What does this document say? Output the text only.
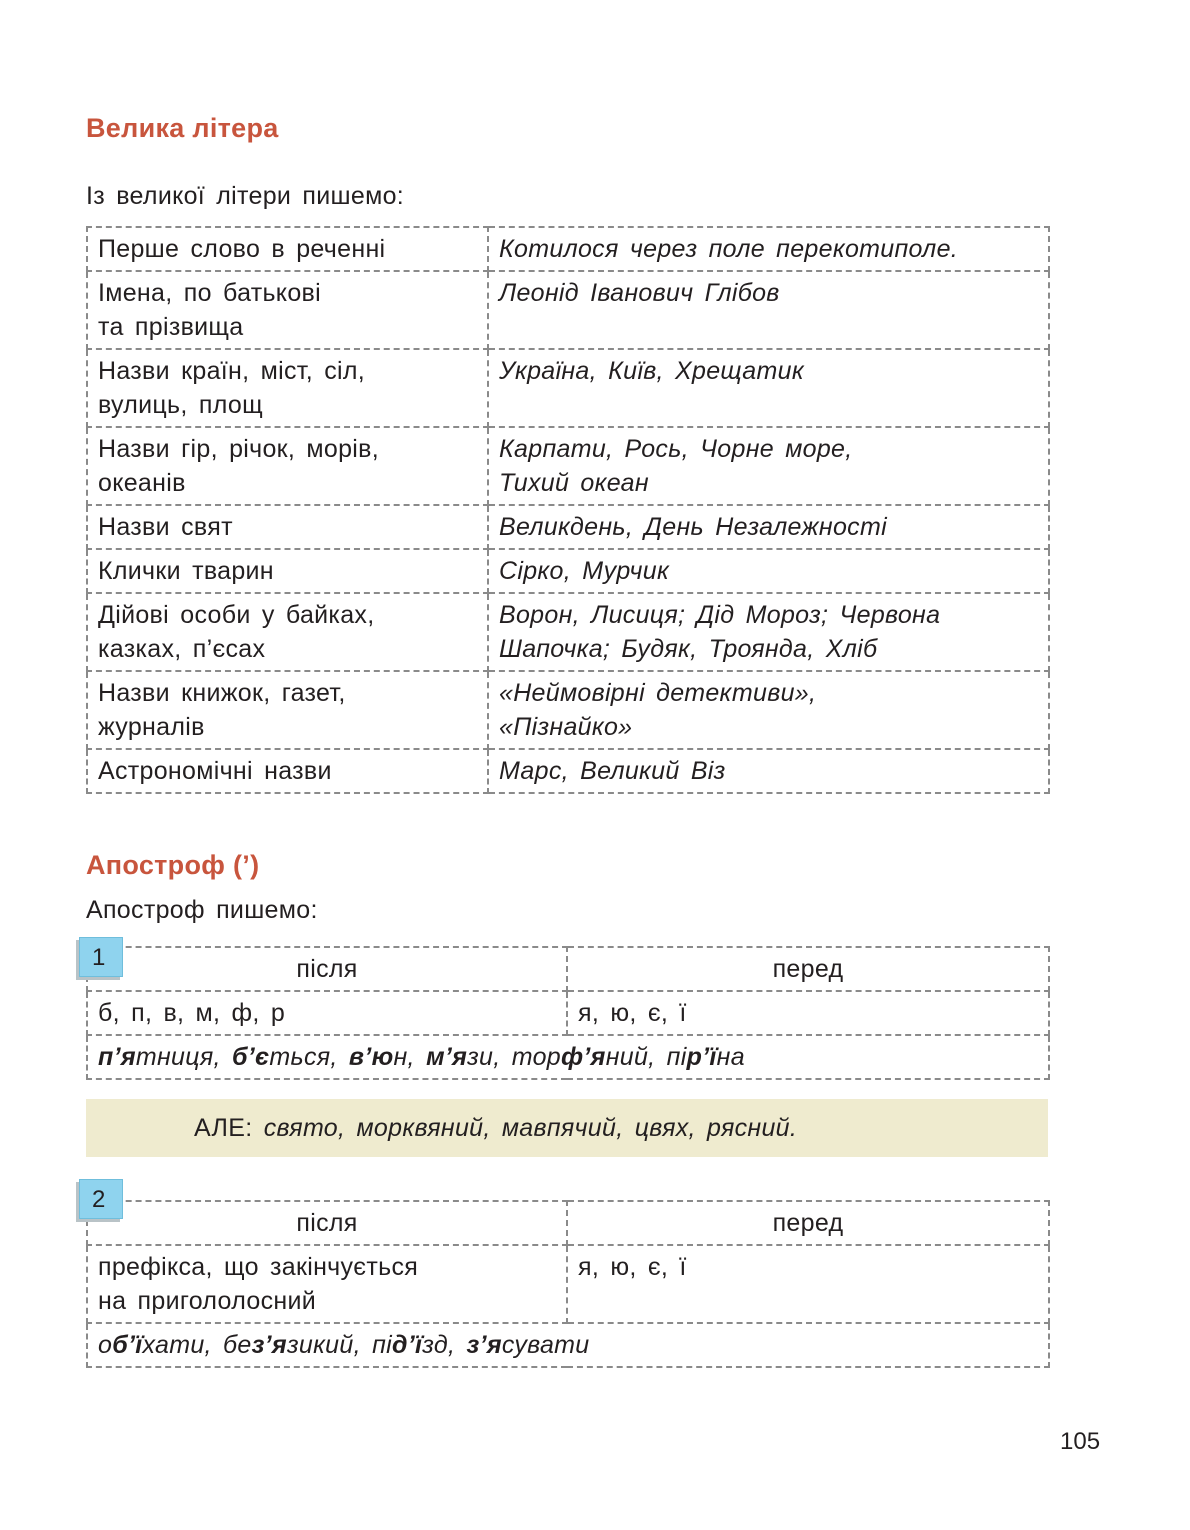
Велика літера

Із великої літери пишемо:

Перше слово в реченні	Котилося через поле перекотиполе.
Імена, по батькові
та прізвища	Леонід Іванович Глібов
Назви країн, міст, сіл,
вулиць, площ	Україна, Київ, Хрещатик
Назви гір, річок, морів,
океанів	Карпати, Рось, Чорне море,
Тихий океан
Назви свят	Великдень, День Незалежності
Клички тварин	Сірко, Мурчик
Дійові особи у байках,
казках, п’єсах	Ворон, Лисиця; Дід Мороз; Червона
Шапочка; Будяк, Троянда, Хліб
Назви книжок, газет,
журналів	«Неймовірні детективи»,
«Пізнайко»
Астрономічні назви	Марс, Великий Віз
Апостроф (’)

Апостроф пишемо:

1	після	перед
б, п, в, м, ф, р	я, ю, є, ї
п’ятниця, б’ється, в’юн, м’язи, торф’яний, пір’їна	
АЛЕ: свято, морквяний, мавпячий, цвях, рясний.
2
після	перед
префікса, що закінчується
на пригололосний	я, ю, є, ї
об’їхати, без’язикий, під’їзд, з’ясувати	
105
